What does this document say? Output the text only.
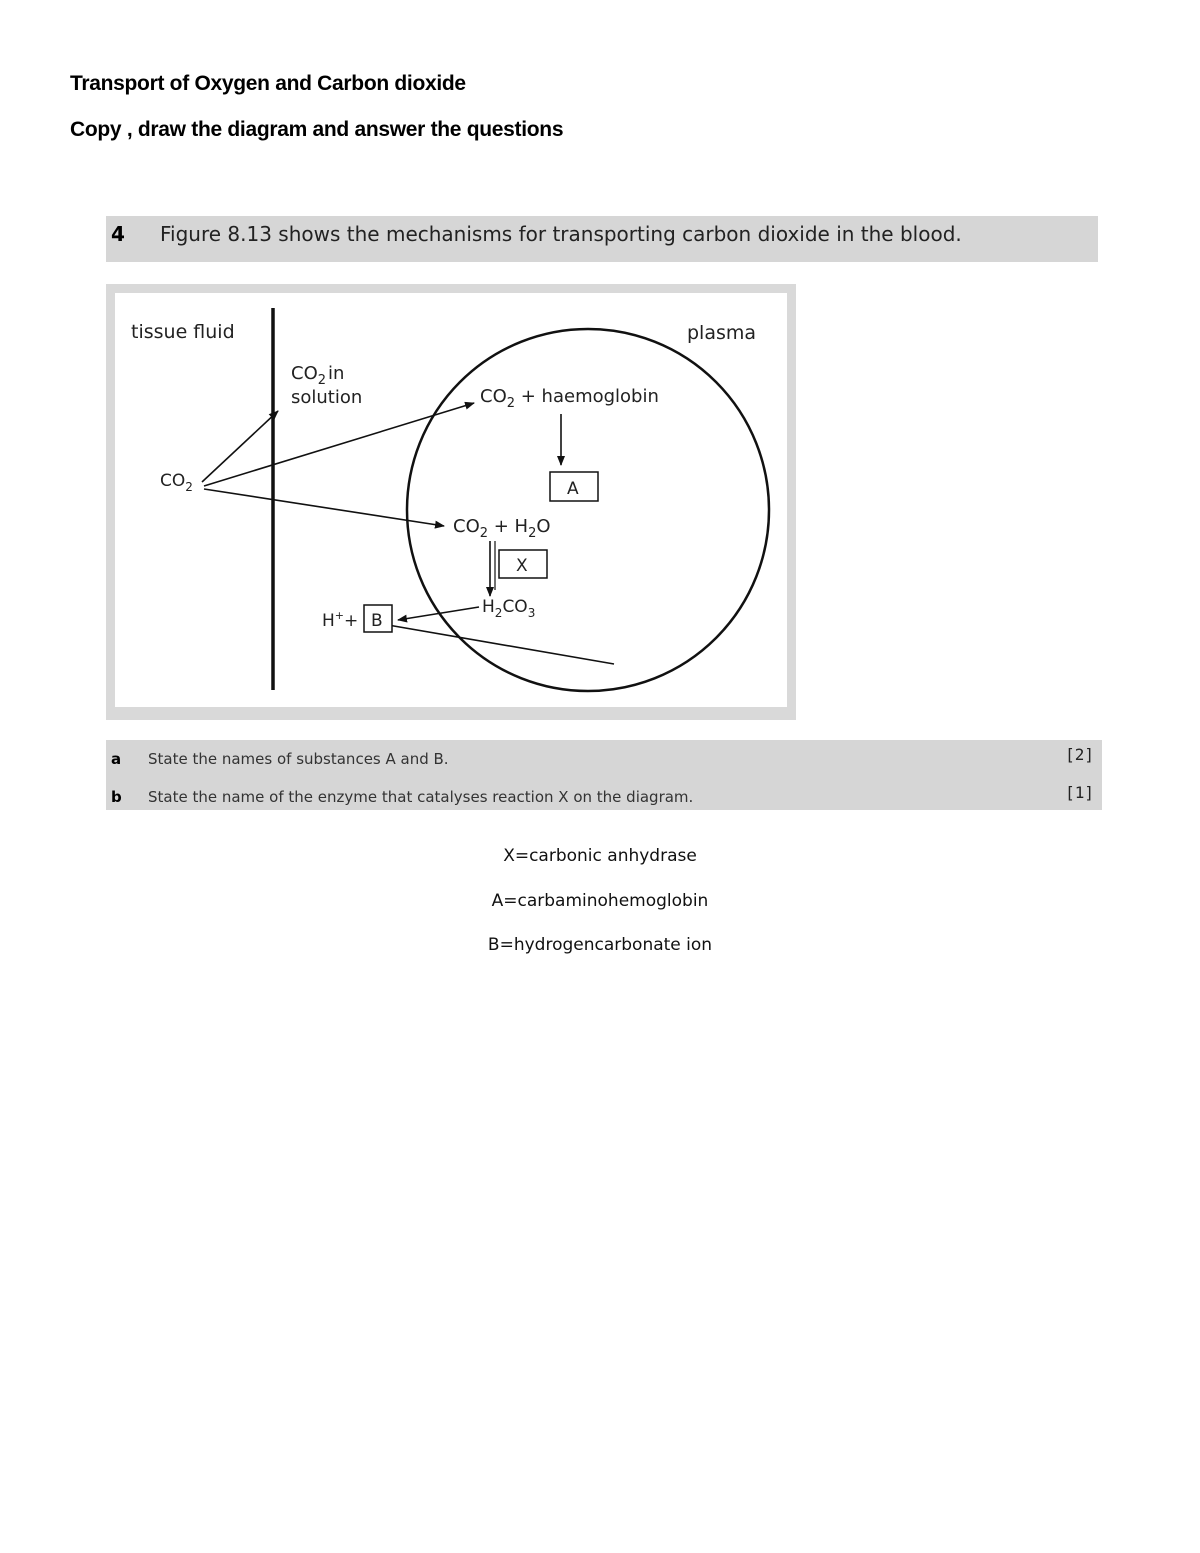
Transport of Oxygen and Carbon dioxide
Copy , draw the diagram and answer the questions
4 Figure 8.13 shows the mechanisms for transporting carbon dioxide in the blood.
tissue fluid	plasma
$CO_2$ in
solution
$CO_2$
$CO_2$ + haemoglobin
A
$CO_2 + H_2O$
X
$H_2CO_3$
H++ B
a State the names of substances A and B.	[2]
b State the name of the enzyme that catalyses reaction X on the diagram.	[1]
X=carbonic anhydrase
A=carbaminohemoglobin
B=hydrogencarbonate ion
